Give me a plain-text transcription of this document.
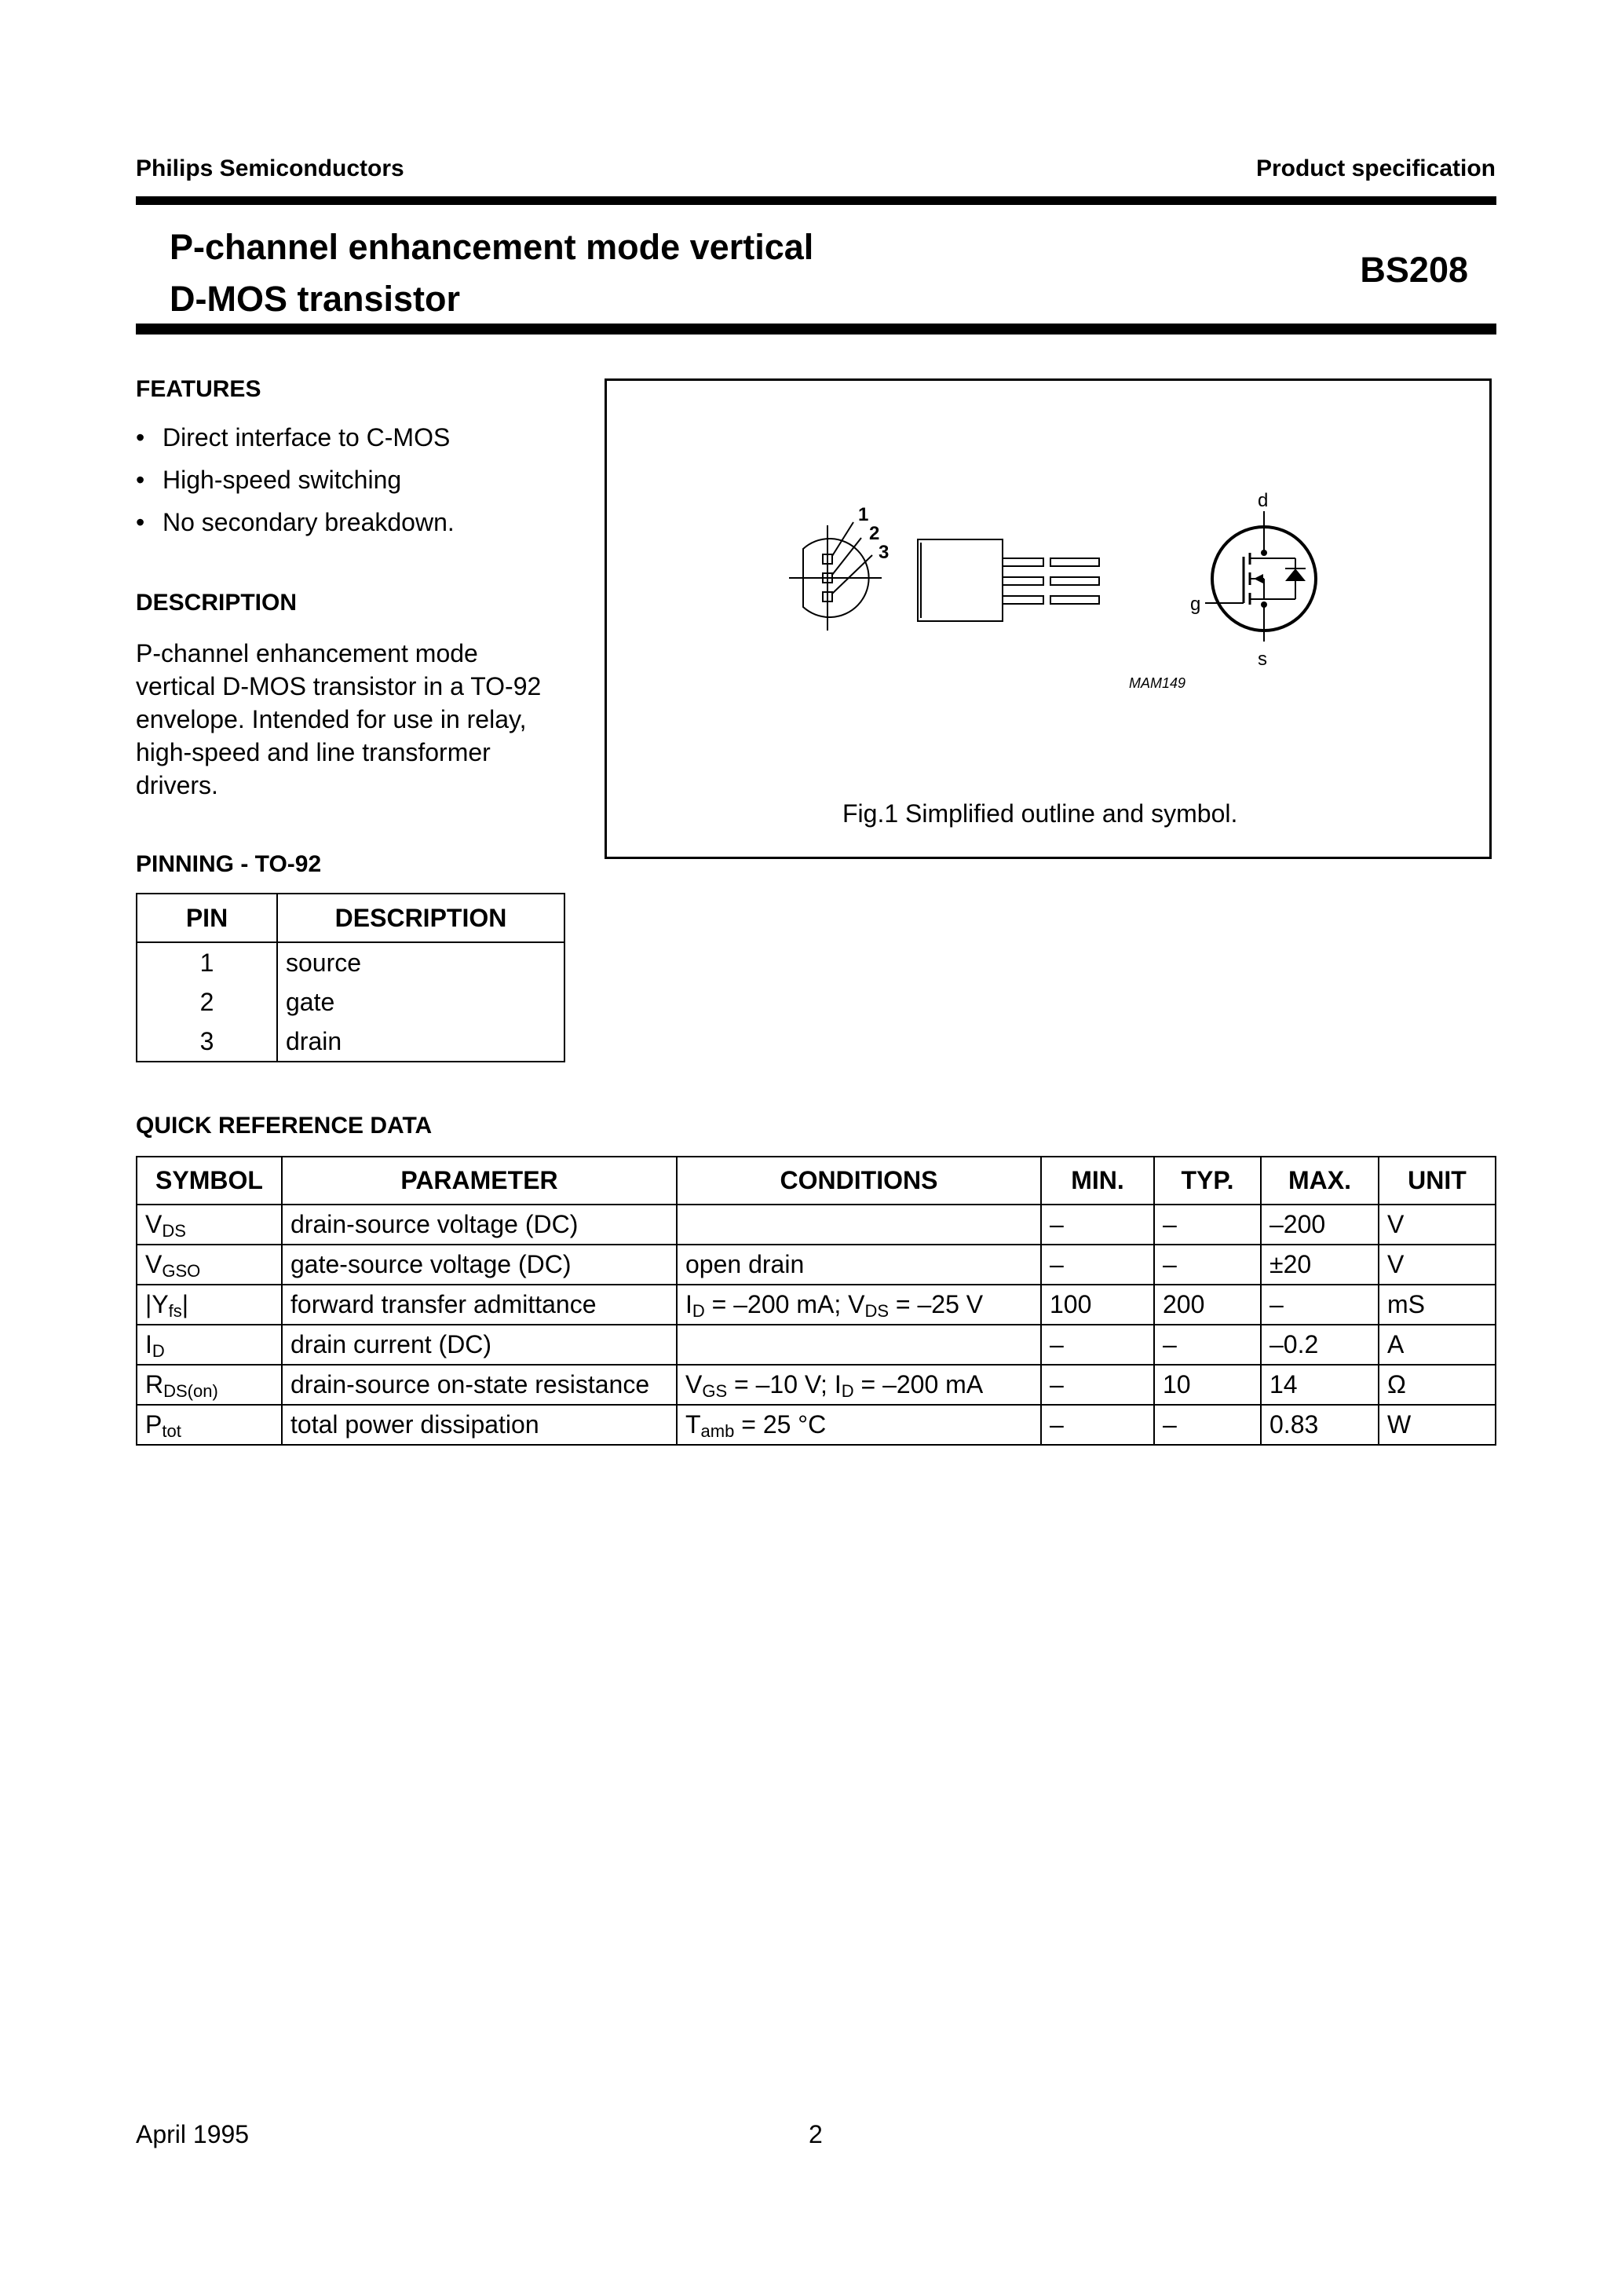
Philips Semiconductors	Product specification
P-channel enhancement mode vertical
D-MOS transistor
BS208
FEATURES
• Direct interface to C-MOS
• High-speed switching
• No secondary breakdown.
DESCRIPTION
P-channel enhancement mode
vertical D-MOS transistor in a TO-92
envelope. Intended for use in relay,
high-speed and line transformer
drivers.
PINNING - TO-92
PIN	DESCRIPTION
1	source
2	gate
3	drain
1
2
3
d
g
s
MAM149
Fig.1 Simplified outline and symbol.
QUICK REFERENCE DATA
SYMBOL	PARAMETER	CONDITIONS	MIN.	TYP.	MAX.	UNIT
$V_{DS}$	drain-source voltage (DC)		–	–	–200	V
$V_{GSO}$	gate-source voltage (DC)	open drain	–	–	±20	V
$|Y_{fs}|$	forward transfer admittance	$I_D = -200$ mA; $V_{DS} = -25$ V	100	200	–	mS
$I_D$	drain current (DC)		–	–	–0.2	A
$R_{DS(on)}$	drain-source on-state resistance	$V_{GS} = -10$ V; $I_D = -200$ mA	–	10	14	Ω
$P_{tot}$	total power dissipation	$T_{amb} = 25$ °C	–	–	0.83	W
April 1995	2
